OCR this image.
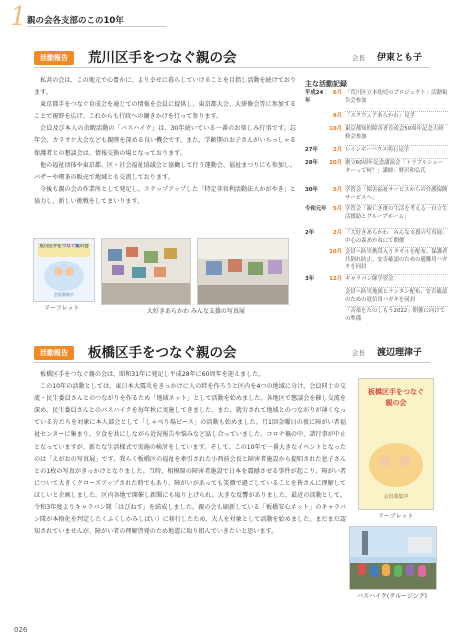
1 親の会各支部のこの10年
活動報告	荒川区手をつなぐ親の会	会長 伊東とも子

私共の会は、この地元で心豊かに、より幸せに暮らしていけることを目指し活動を続けております。

東京都手をつなぐ育成会を通じての情報を会員に提供し、東京都大会、大研修会等に参加することで視野を広げ、これからも行政への働きかけを行って参ります。

会員及び本人の余暇活動の「バスハイク」は、30年続いている一番のお楽しみ行事です。忘年会、カラオケ大会なども親睦を深める良い機会です。また、学齢期のお子さんがいらっしゃる保護者との懇談会は、情報交換の場となっております。

他の福祉団体や東京都、区・社会福祉協議会と協働して行う運動会、福祉まつりにも参加し、バザーや喫茶の販売で地域とも交流しております。

今後も親の会の作業所として発足し、ステップアップした「特定非営利活動法人かがやき」と協力し、新しい挑戦をしてまいります。

主な活動記録
平成24年
6月 「荒川区立本幼児のプロジェクト」活動報告会参加
9月 「スクウェアあらかわ」見学
10月 東京都知的障害者育成会50周年記念大研修会参加
27年	2月 レインボーハウス明石見学
28年	10月 創立60周年記念講演会「トラブルシューターって何？」講師：野沢和弘氏
30年	5月 学習会「障害福祉サービスからの介護保険サービスへ」
令和元年	5月 学習会「親亡き後の生活を考える一自立生活援助とグループホーム」
2年	2月 「大好きあらかわ　みんな支援の写真展」中心の森あかねにて開催
10月 会員へ防災携帯入りタオルを配布、保護者共倒れ防止、安否確認のための避難用ハガキを同封
3年	12月 キャラバン隊学習会
会員へ防災地図とランタン配布、安否確認のための返信用ハガキを同封
「音楽をたのしもう2022」開催に向けての準備
荒川区手をつなぐ親の会
会員募集中
リーフレット	大好きあらかわ みんな支援の写真展
活動報告	板橋区手をつなぐ親の会	会長 渡辺理津子

板橋区手をつなぐ親の会は、昭和31年に発足し平成28年に60周年を迎えました。

この10年の活動としては、東日本大震災をきっかけに人の絆を作ろうと区内を4つの地域に分け、会員同士の交流・民生委員さんとのつながりを作るため「地域ネット」として活動を始めました。各地区で懇談会を催し交流を深め、民生委員さんとのバスハイクを毎年秋に実施してきました。また、就労されて地域とのつながりが薄くなっている方たちを対象に本人部会として「しゃべり場ピース」の活動も始めました。月1回金曜日の夜に障がい者福祉センターに集まり、夕食を共にしながら近況報告や悩みなど話し合っていました。コロナ禍の中、諸行事が中止となっていますが、新たな生活様式で実施の検討をしています。そして、この10年で一番大きなイベントとなったのは「えがおの写真展」です。我らく板橋区の福祉を牽引された小西前会長と障害者施設から提唱された息子さんとの1枚の写真がきっかけとなりました。当時、相模原の障害者施設で日本を震撼させる事件が起こり、障がい者について大きくクローズアップされた時でもあり、障がいがあっても笑顔で過ごしていることを皆さんに理解してほしいと企画しました。区内各地で開催し新聞にも取り上げられ、大きな反響がありました。最近の活動として、令和3年度よりキャラバン隊「はぴねす」を結成しました。親の会も刷新している「板橋安心ネット」のキャラバン隊が本格化を判定したくふくしかみしばい）に移行したため、大人を対象として活動を始めました。まだまだ認知されていませんが、障がい者の理解啓発のため地道に取り組んでいきたいと思います。

板橋区手をつなぐ親の会
会員募集中
リーフレット
バスハイク(クルージング)
026
